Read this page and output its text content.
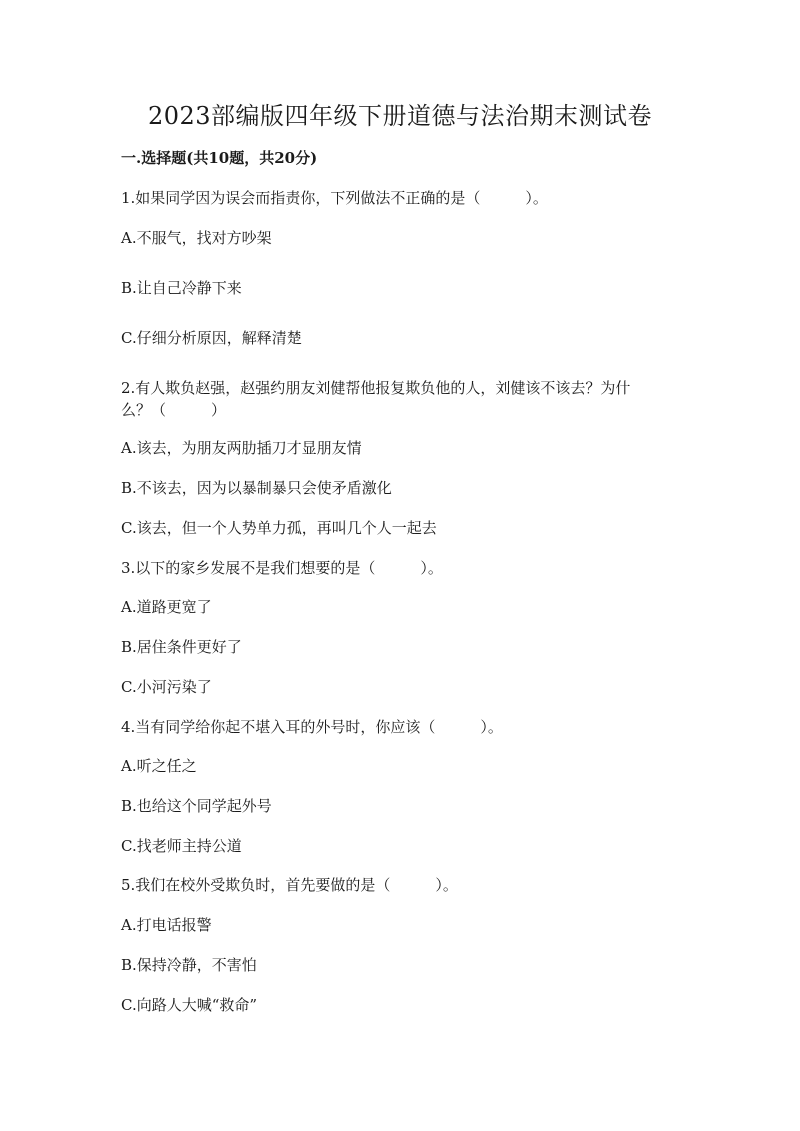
2023部编版四年级下册道德与法治期末测试卷
一.选择题(共10题，共20分)

1.如果同学因为误会而指责你，下列做法不正确的是（　　　）。

A.不服气，找对方吵架

B.让自己冷静下来

C.仔细分析原因，解释清楚

2.有人欺负赵强，赵强约朋友刘健帮他报复欺负他的人，刘健该不该去？为什

么？（　　　）

A.该去，为朋友两肋插刀才显朋友情

B.不该去，因为以暴制暴只会使矛盾激化

C.该去，但一个人势单力孤，再叫几个人一起去

3.以下的家乡发展不是我们想要的是（　　　）。

A.道路更宽了

B.居住条件更好了

C.小河污染了

4.当有同学给你起不堪入耳的外号时，你应该（　　　）。

A.听之任之

B.也给这个同学起外号

C.找老师主持公道

5.我们在校外受欺负时，首先要做的是（　　　）。

A.打电话报警

B.保持冷静，不害怕

C.向路人大喊“救命”
